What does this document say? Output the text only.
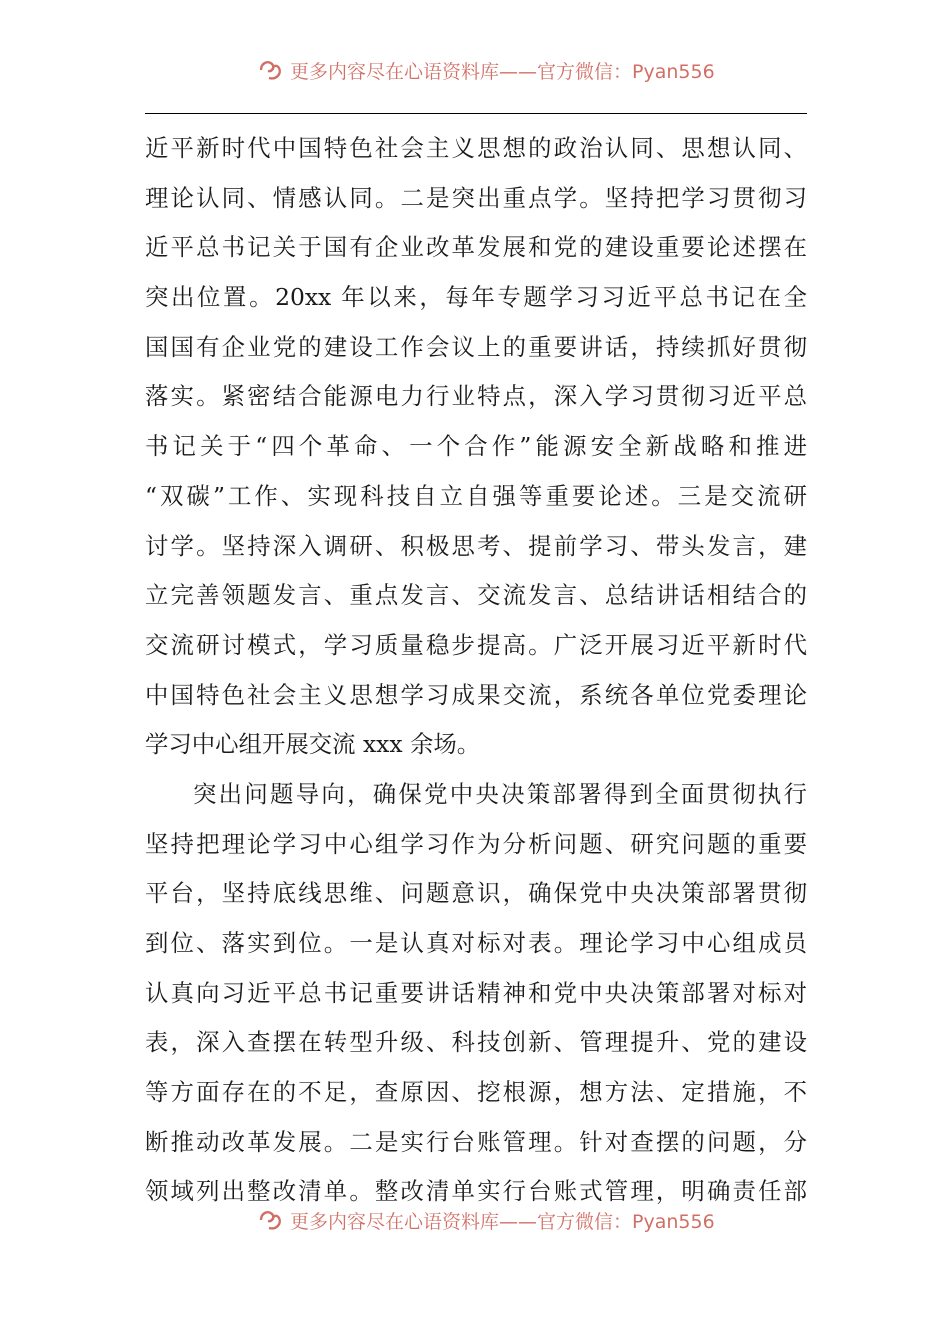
更多内容尽在心语资料库——官方微信：Pyan556
近平新时代中国特色社会主义思想的政治认同、思想认同、
理论认同、情感认同。二是突出重点学。坚持把学习贯彻习
近平总书记关于国有企业改革发展和党的建设重要论述摆在
突出位置。20xx 年以来，每年专题学习习近平总书记在全
国国有企业党的建设工作会议上的重要讲话，持续抓好贯彻
落实。紧密结合能源电力行业特点，深入学习贯彻习近平总
书记关于“四个革命、一个合作”能源安全新战略和推进
“双碳”工作、实现科技自立自强等重要论述。三是交流研
讨学。坚持深入调研、积极思考、提前学习、带头发言，建
立完善领题发言、重点发言、交流发言、总结讲话相结合的
交流研讨模式，学习质量稳步提高。广泛开展习近平新时代
中国特色社会主义思想学习成果交流，系统各单位党委理论
学习中心组开展交流 xxx 余场。
突出问题导向，确保党中央决策部署得到全面贯彻执行
坚持把理论学习中心组学习作为分析问题、研究问题的重要
平台，坚持底线思维、问题意识，确保党中央决策部署贯彻
到位、落实到位。一是认真对标对表。理论学习中心组成员
认真向习近平总书记重要讲话精神和党中央决策部署对标对
表，深入查摆在转型升级、科技创新、管理提升、党的建设
等方面存在的不足，查原因、挖根源，想方法、定措施，不
断推动改革发展。二是实行台账管理。针对查摆的问题，分
领域列出整改清单。整改清单实行台账式管理，明确责任部
更多内容尽在心语资料库——官方微信：Pyan556
